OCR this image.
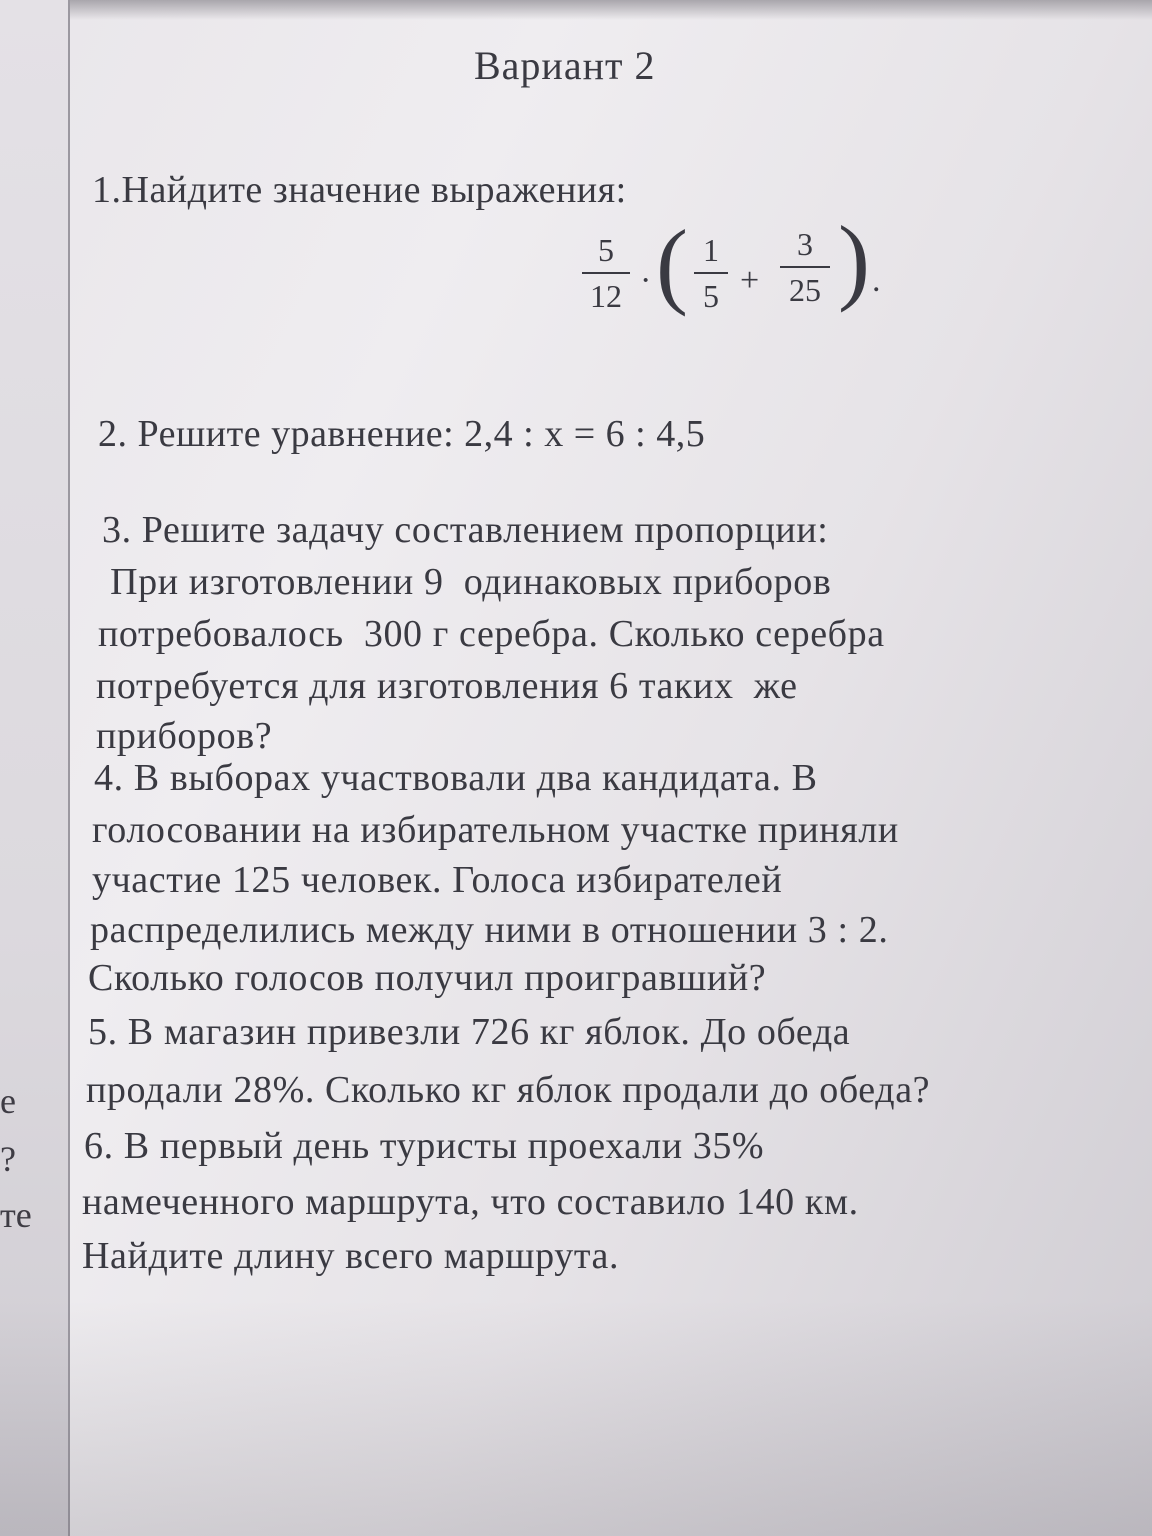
е
?
те
Вариант 2
1.Найдите значение выражения:
5
12 · ( 1
5 +
3
25 ) .
2. Решите уравнение: 2,4 : x = 6 : 4,5
3. Решите задачу составлением пропорции:
При изготовлении 9  одинаковых приборов
потребовалось  300 г серебра. Сколько серебра
потребуется для изготовления 6 таких  же
приборов?
4. В выборах участвовали два кандидата. В
голосовании на избирательном участке приняли
участие 125 человек. Голоса избирателей
распределились между ними в отношении 3 : 2.
Сколько голосов получил проигравший?
5. В магазин привезли 726 кг яблок. До обеда
продали 28%. Сколько кг яблок продали до обеда?
6. В первый день туристы проехали 35%
намеченного маршрута, что составило 140 км.
Найдите длину всего маршрута.
